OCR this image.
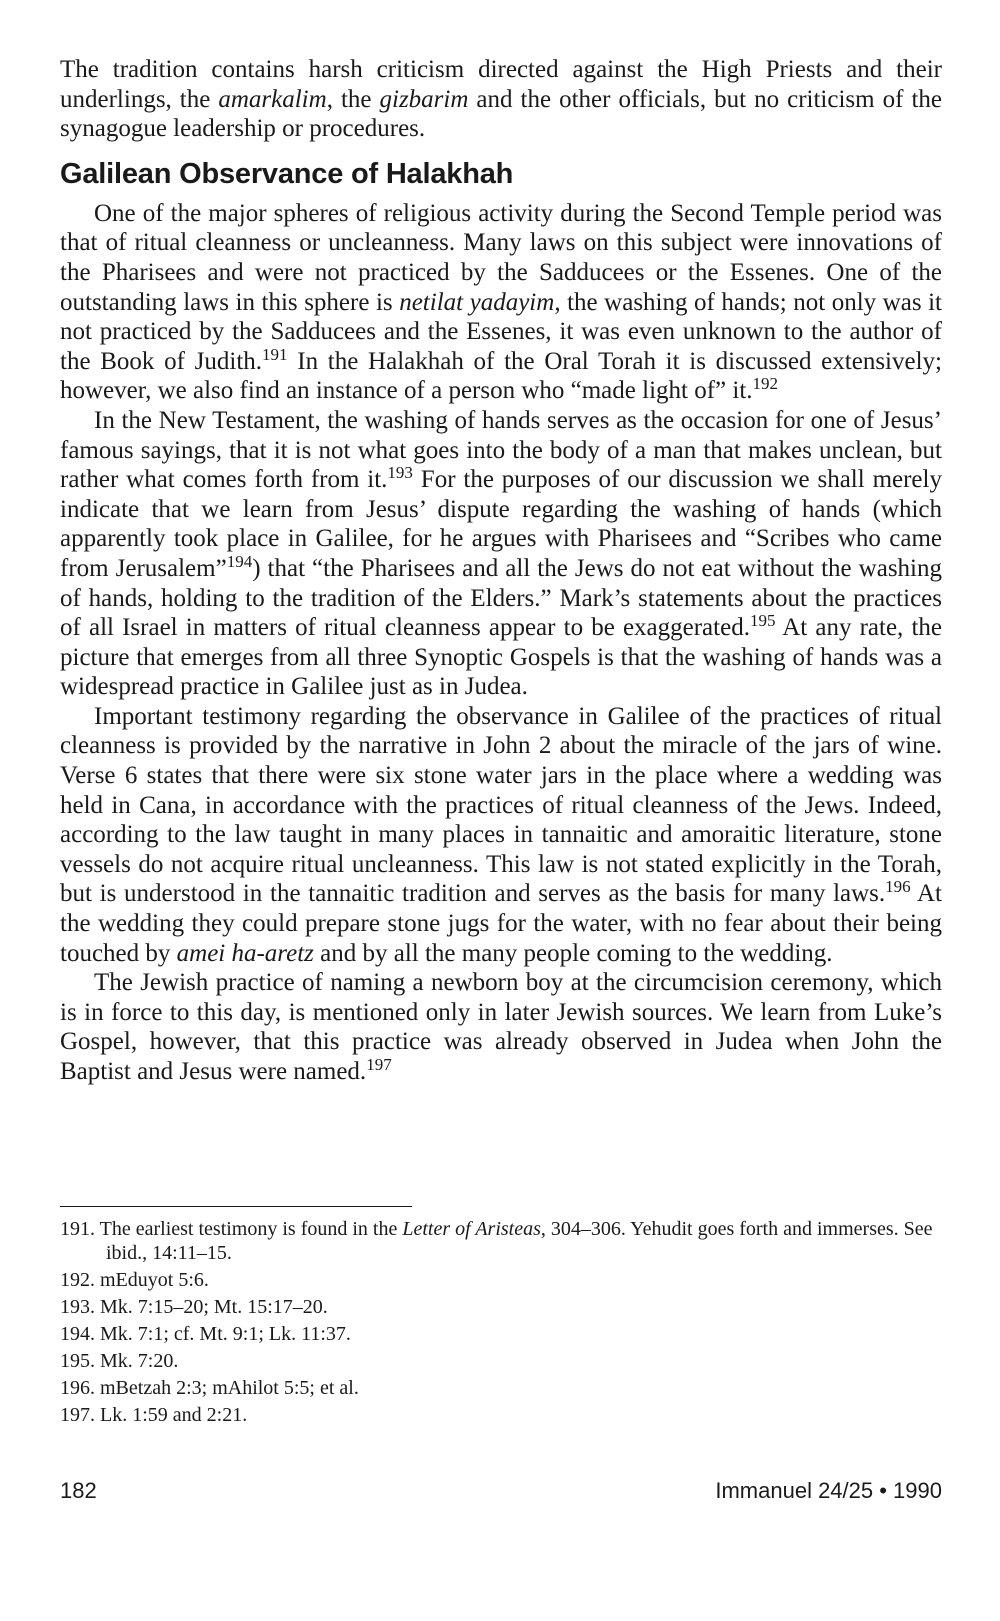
The tradition contains harsh criticism directed against the High Priests and their underlings, the amarkalim, the gizbarim and the other officials, but no criticism of the synagogue leadership or procedures.

Galilean Observance of Halakhah

One of the major spheres of religious activity during the Second Temple period was that of ritual cleanness or uncleanness. Many laws on this subject were innovations of the Pharisees and were not practiced by the Sadducees or the Essenes. One of the outstanding laws in this sphere is netilat yadayim, the washing of hands; not only was it not practiced by the Sadducees and the Essenes, it was even unknown to the author of the Book of Judith.$^{191}$ In the Halakhah of the Oral Torah it is discussed extensively; however, we also find an instance of a person who “made light of” it.$^{192}$

In the New Testament, the washing of hands serves as the occasion for one of Jesus’ famous sayings, that it is not what goes into the body of a man that makes unclean, but rather what comes forth from it.$^{193}$ For the purposes of our discussion we shall merely indicate that we learn from Jesus’ dispute regarding the washing of hands (which apparently took place in Galilee, for he argues with Pharisees and “Scribes who came from Jerusalem”$^{194}$) that “the Pharisees and all the Jews do not eat without the washing of hands, holding to the tradition of the Elders.” Mark’s statements about the practices of all Israel in matters of ritual cleanness appear to be exaggerated.$^{195}$ At any rate, the picture that emerges from all three Synoptic Gospels is that the washing of hands was a widespread practice in Galilee just as in Judea.

Important testimony regarding the observance in Galilee of the practices of ritual cleanness is provided by the narrative in John 2 about the miracle of the jars of wine. Verse 6 states that there were six stone water jars in the place where a wedding was held in Cana, in accordance with the practices of ritual cleanness of the Jews. Indeed, according to the law taught in many places in tannaitic and amoraitic literature, stone vessels do not acquire ritual uncleanness. This law is not stated explicitly in the Torah, but is understood in the tannaitic tradition and serves as the basis for many laws.$^{196}$ At the wedding they could prepare stone jugs for the water, with no fear about their being touched by amei ha-aretz and by all the many people coming to the wedding.

The Jewish practice of naming a newborn boy at the circumcision ceremony, which is in force to this day, is mentioned only in later Jewish sources. We learn from Luke’s Gospel, however, that this practice was already observed in Judea when John the Baptist and Jesus were named.$^{197}$

191. The earliest testimony is found in the Letter of Aristeas, 304–306. Yehudit goes forth and immerses. See ibid., 14:11–15.

192. mEduyot 5:6.

193. Mk. 7:15–20; Mt. 15:17–20.

194. Mk. 7:1; cf. Mt. 9:1; Lk. 11:37.

195. Mk. 7:20.

196. mBetzah 2:3; mAhilot 5:5; et al.

197. Lk. 1:59 and 2:21.

182	Immanuel 24/25 • 1990
